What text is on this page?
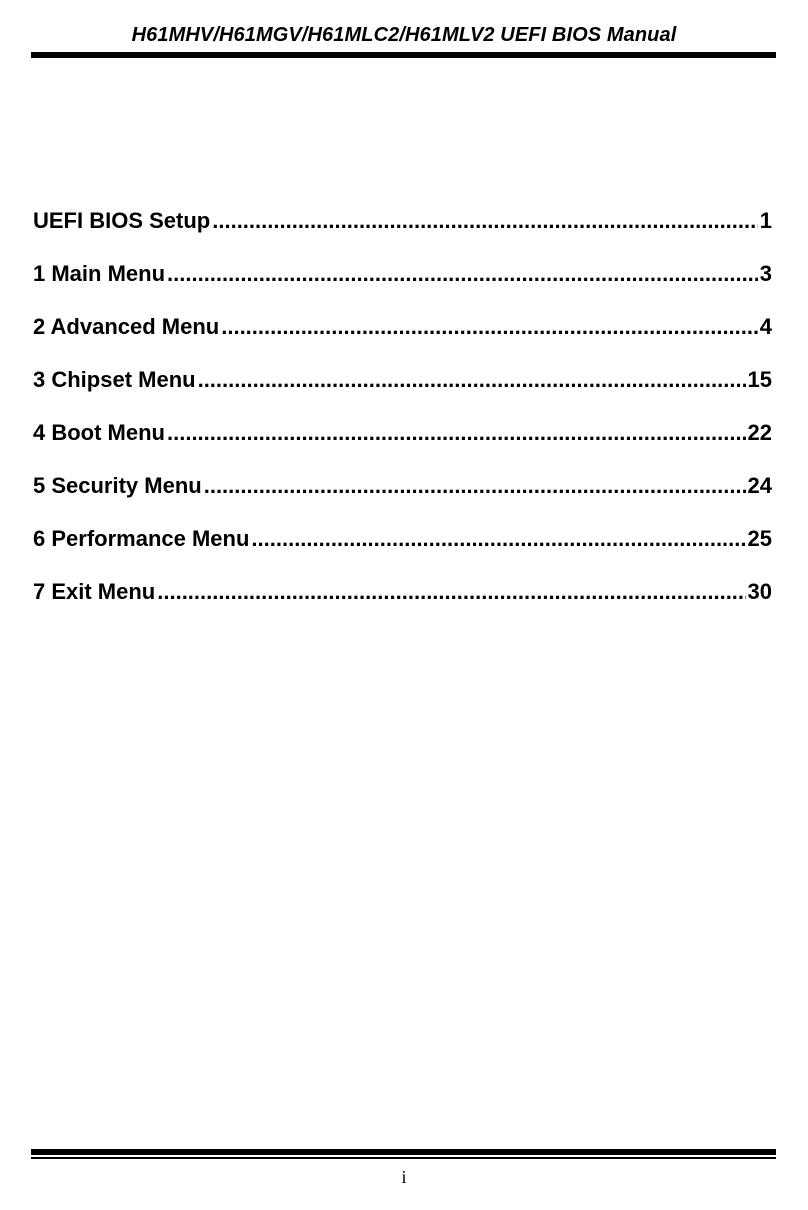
H61MHV/H61MGV/H61MLC2/H61MLV2 UEFI BIOS Manual
UEFI BIOS Setup .....	1
1 Main Menu .....	3
2 Advanced Menu .....	4
3 Chipset Menu .....	15
4 Boot Menu .....	22
5 Security Menu .....	24
6 Performance Menu .....	25
7 Exit Menu .....	30
i
